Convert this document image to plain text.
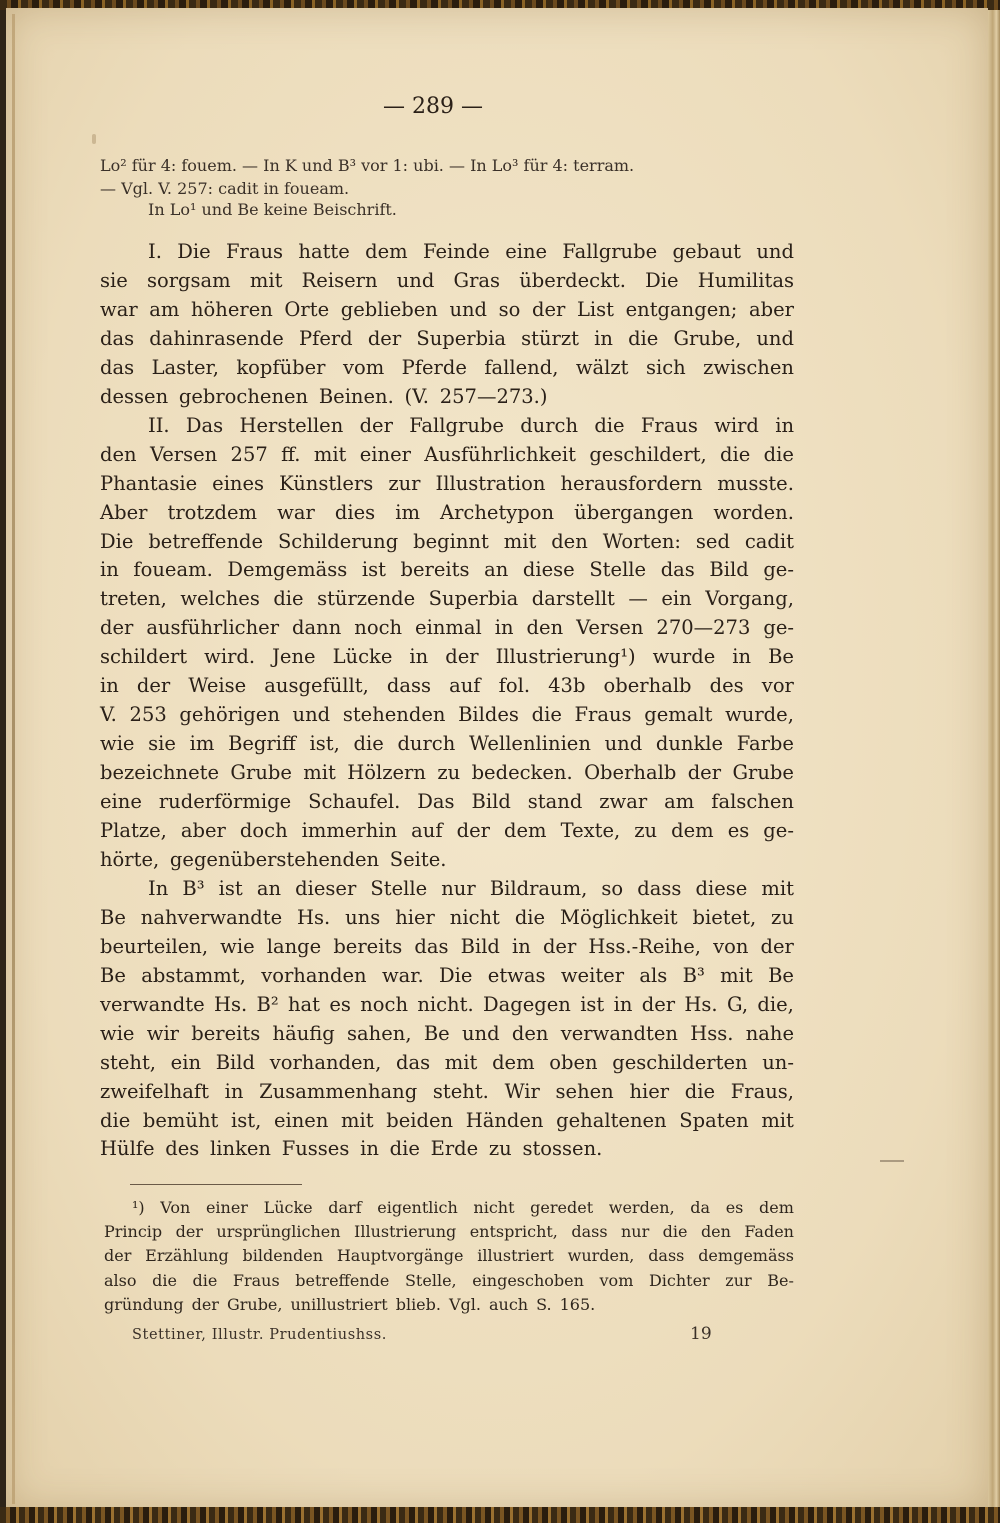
— 289 —
Lo² für 4: fouem. — In K und B³ vor 1: ubi. — In Lo³ für 4: terram.
— Vgl. V. 257: cadit in foueam.
In Lo¹ und Be keine Beischrift.
I. Die Fraus hatte dem Feinde eine Fallgrube gebaut und
sie sorgsam mit Reisern und Gras überdeckt. Die Humilitas
war am höheren Orte geblieben und so der List entgangen; aber
das dahinrasende Pferd der Superbia stürzt in die Grube, und
das Laster, kopfüber vom Pferde fallend, wälzt sich zwischen
dessen gebrochenen Beinen. (V. 257—273.)
II. Das Herstellen der Fallgrube durch die Fraus wird in
den Versen 257 ff. mit einer Ausführlichkeit geschildert, die die
Phantasie eines Künstlers zur Illustration herausfordern musste.
Aber trotzdem war dies im Archetypon übergangen worden.
Die betreffende Schilderung beginnt mit den Worten: sed cadit
in foueam. Demgemäss ist bereits an diese Stelle das Bild ge-
treten, welches die stürzende Superbia darstellt — ein Vorgang,
der ausführlicher dann noch einmal in den Versen 270—273 ge-
schildert wird. Jene Lücke in der Illustrierung¹) wurde in Be
in der Weise ausgefüllt, dass auf fol. 43b oberhalb des vor
V. 253 gehörigen und stehenden Bildes die Fraus gemalt wurde,
wie sie im Begriff ist, die durch Wellenlinien und dunkle Farbe
bezeichnete Grube mit Hölzern zu bedecken. Oberhalb der Grube
eine ruderförmige Schaufel. Das Bild stand zwar am falschen
Platze, aber doch immerhin auf der dem Texte, zu dem es ge-
hörte, gegenüberstehenden Seite.
In B³ ist an dieser Stelle nur Bildraum, so dass diese mit
Be nahverwandte Hs. uns hier nicht die Möglichkeit bietet, zu
beurteilen, wie lange bereits das Bild in der Hss.-Reihe, von der
Be abstammt, vorhanden war. Die etwas weiter als B³ mit Be
verwandte Hs. B² hat es noch nicht. Dagegen ist in der Hs. G, die,
wie wir bereits häufig sahen, Be und den verwandten Hss. nahe
steht, ein Bild vorhanden, das mit dem oben geschilderten un-
zweifelhaft in Zusammenhang steht. Wir sehen hier die Fraus,
die bemüht ist, einen mit beiden Händen gehaltenen Spaten mit
Hülfe des linken Fusses in die Erde zu stossen.
¹) Von einer Lücke darf eigentlich nicht geredet werden, da es dem
Princip der ursprünglichen Illustrierung entspricht, dass nur die den Faden
der Erzählung bildenden Hauptvorgänge illustriert wurden, dass demgemäss
also die die Fraus betreffende Stelle, eingeschoben vom Dichter zur Be-
gründung der Grube, unillustriert blieb. Vgl. auch S. 165.
Stettiner, Illustr. Prudentiushss.	19
